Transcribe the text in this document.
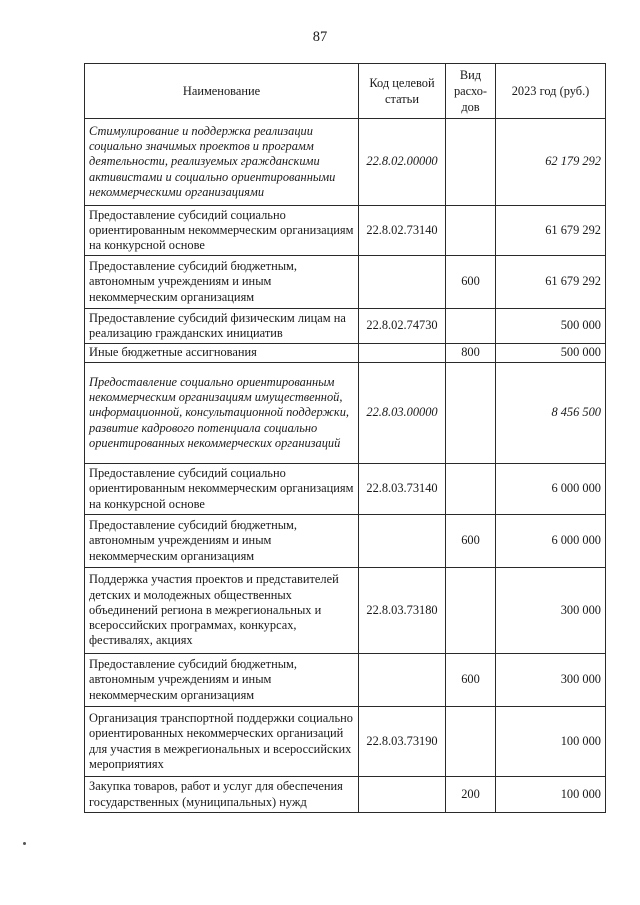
87
Наименование	Код целевой статьи	Вид расхо-дов	2023 год (руб.)
Стимулирование и поддержка реализации социально значимых проектов и программ деятельности, реализуемых гражданскими активистами и социально ориентированными некоммерческими организациями	22.8.02.00000		62 179 292
Предоставление субсидий социально ориентированным некоммерческим организациям на конкурсной основе	22.8.02.73140		61 679 292
Предоставление субсидий бюджетным, автономным учреждениям и иным некоммерческим организациям		600	61 679 292
Предоставление субсидий физическим лицам на реализацию гражданских инициатив	22.8.02.74730		500 000
Иные бюджетные ассигнования		800	500 000
Предоставление социально ориентированным некоммерческим организациям имущественной, информационной, консультационной поддержки, развитие кадрового потенциала социально ориентированных некоммерческих организаций	22.8.03.00000		8 456 500
Предоставление субсидий социально ориентированным некоммерческим организациям на конкурсной основе	22.8.03.73140		6 000 000
Предоставление субсидий бюджетным, автономным учреждениям и иным некоммерческим организациям		600	6 000 000
Поддержка участия проектов и представителей детских и молодежных общественных объединений региона в межрегиональных и всероссийских программах, конкурсах, фестивалях, акциях	22.8.03.73180		300 000
Предоставление субсидий бюджетным, автономным учреждениям и иным некоммерческим организациям		600	300 000
Организация транспортной поддержки социально ориентированных некоммерческих организаций для участия в межрегиональных и всероссийских мероприятиях	22.8.03.73190		100 000
Закупка товаров, работ и услуг для обеспечения государственных (муниципальных) нужд		200	100 000
